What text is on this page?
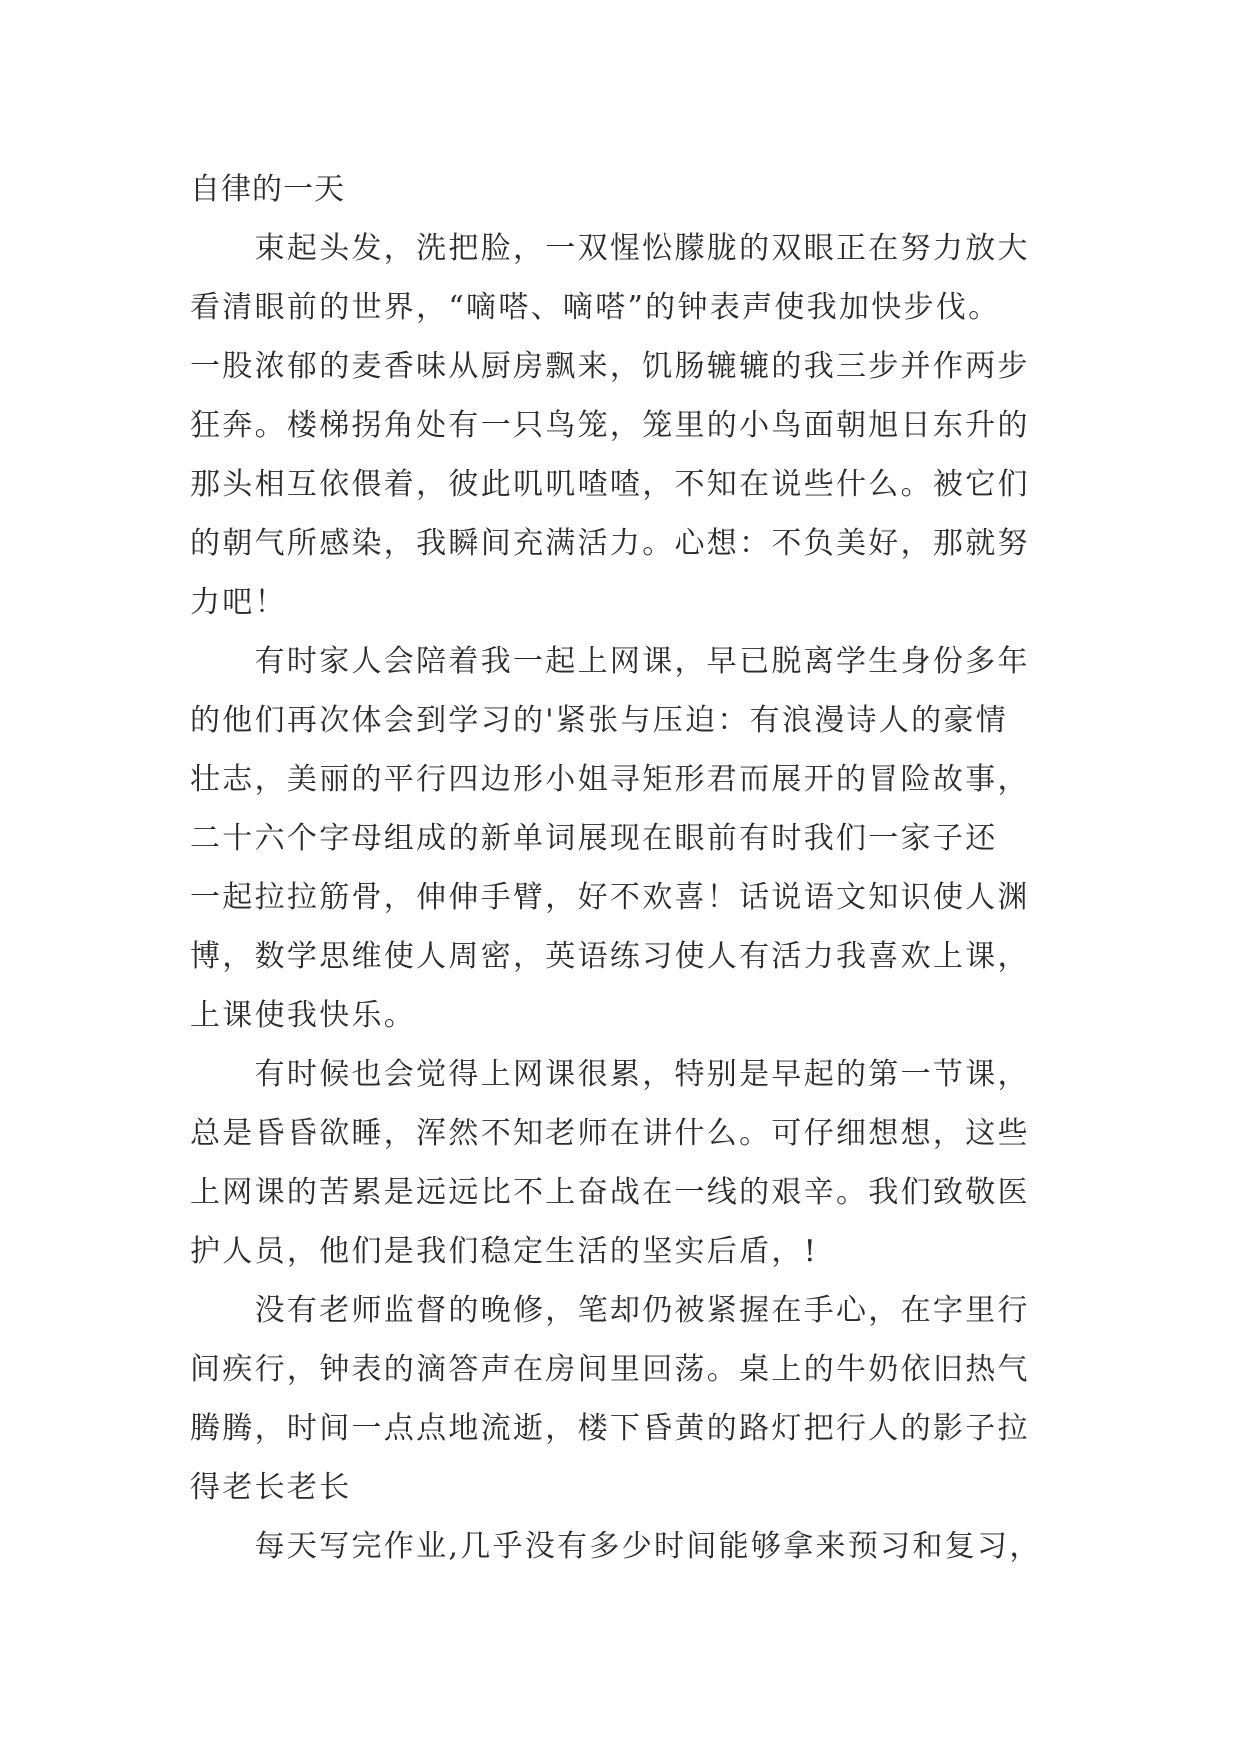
自律的一天
　　束起头发，洗把脸，一双惺忪朦胧的双眼正在努力放大
看清眼前的世界，“嘀嗒、嘀嗒”的钟表声使我加快步伐。
一股浓郁的麦香味从厨房飘来，饥肠辘辘的我三步并作两步
狂奔。楼梯拐角处有一只鸟笼，笼里的小鸟面朝旭日东升的
那头相互依偎着，彼此叽叽喳喳，不知在说些什么。被它们
的朝气所感染，我瞬间充满活力。心想：不负美好，那就努
力吧！
　　有时家人会陪着我一起上网课，早已脱离学生身份多年
的他们再次体会到学习的'紧张与压迫：有浪漫诗人的豪情
壮志，美丽的平行四边形小姐寻矩形君而展开的冒险故事，
二十六个字母组成的新单词展现在眼前有时我们一家子还
一起拉拉筋骨，伸伸手臂，好不欢喜！话说语文知识使人渊
博，数学思维使人周密，英语练习使人有活力我喜欢上课，
上课使我快乐。
　　有时候也会觉得上网课很累，特别是早起的第一节课，
总是昏昏欲睡，浑然不知老师在讲什么。可仔细想想，这些
上网课的苦累是远远比不上奋战在一线的艰辛。我们致敬医
护人员，他们是我们稳定生活的坚实后盾，!
　　没有老师监督的晚修，笔却仍被紧握在手心，在字里行
间疾行，钟表的滴答声在房间里回荡。桌上的牛奶依旧热气
腾腾，时间一点点地流逝，楼下昏黄的路灯把行人的影子拉
得老长老长
　　每天写完作业,几乎没有多少时间能够拿来预习和复习，
